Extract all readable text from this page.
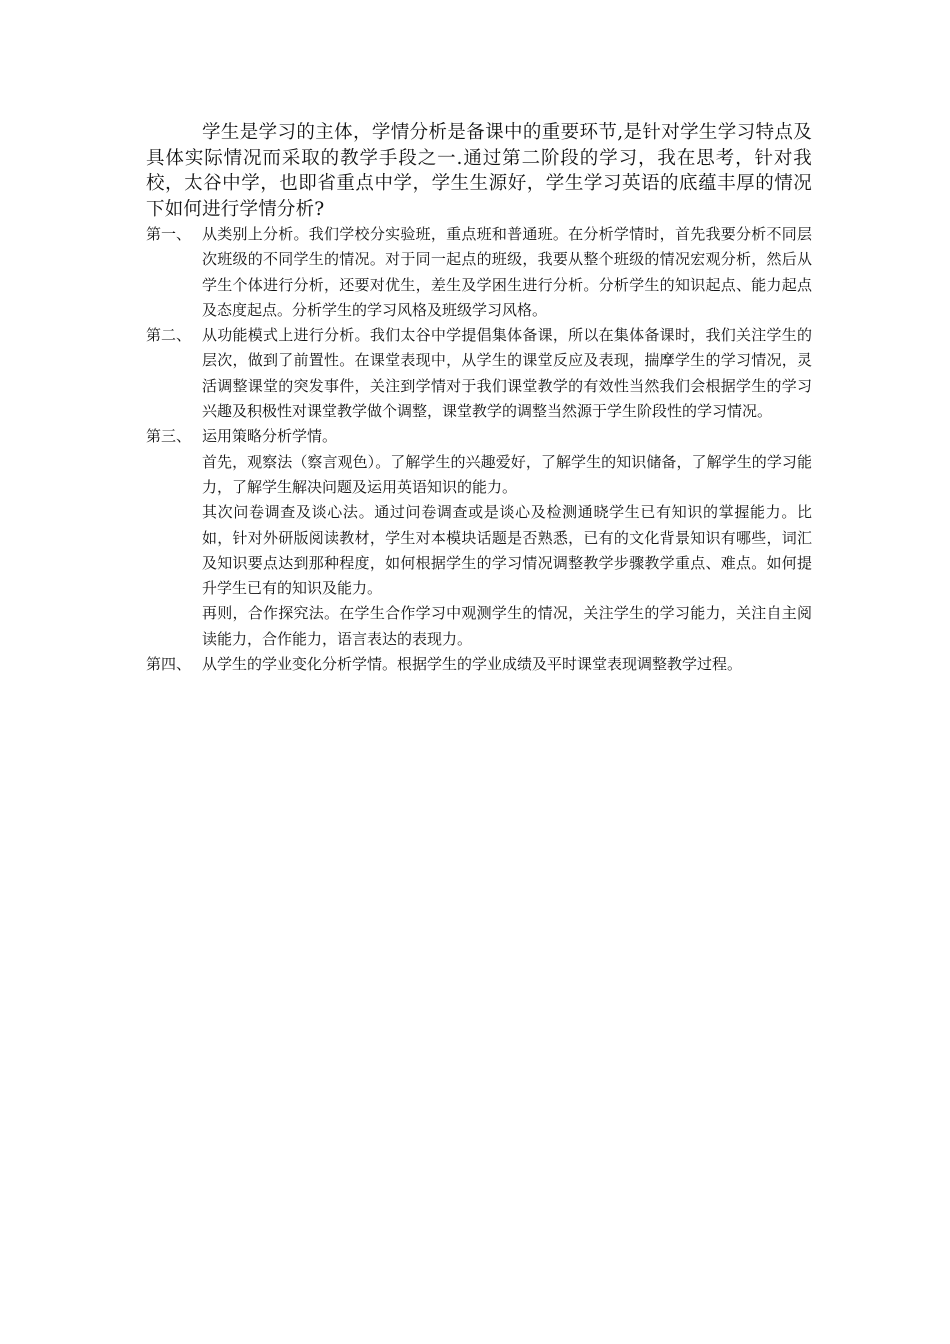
学生是学习的主体，学情分析是备课中的重要环节,是针对学生学习特点及具体实际情况而采取的教学手段之一.通过第二阶段的学习，我在思考，针对我校，太谷中学，也即省重点中学，学生生源好，学生学习英语的底蕴丰厚的情况下如何进行学情分析?

第一、 从类别上分析。我们学校分实验班，重点班和普通班。在分析学情时，首先我要分析不同层次班级的不同学生的情况。对于同一起点的班级，我要从整个班级的情况宏观分析，然后从学生个体进行分析，还要对优生，差生及学困生进行分析。分析学生的知识起点、能力起点及态度起点。分析学生的学习风格及班级学习风格。

第二、 从功能模式上进行分析。我们太谷中学提倡集体备课，所以在集体备课时，我们关注学生的层次，做到了前置性。在课堂表现中，从学生的课堂反应及表现，揣摩学生的学习情况，灵活调整课堂的突发事件，关注到学情对于我们课堂教学的有效性当然我们会根据学生的学习兴趣及积极性对课堂教学做个调整，课堂教学的调整当然源于学生阶段性的学习情况。

第三、 运用策略分析学情。

首先，观察法（察言观色）。了解学生的兴趣爱好，了解学生的知识储备，了解学生的学习能力，了解学生解决问题及运用英语知识的能力。

其次问卷调查及谈心法。通过问卷调查或是谈心及检测通晓学生已有知识的掌握能力。比如，针对外研版阅读教材，学生对本模块话题是否熟悉，已有的文化背景知识有哪些，词汇及知识要点达到那种程度，如何根据学生的学习情况调整教学步骤教学重点、难点。如何提升学生已有的知识及能力。

再则，合作探究法。在学生合作学习中观测学生的情况，关注学生的学习能力，关注自主阅读能力，合作能力，语言表达的表现力。

第四、 从学生的学业变化分析学情。根据学生的学业成绩及平时课堂表现调整教学过程。
